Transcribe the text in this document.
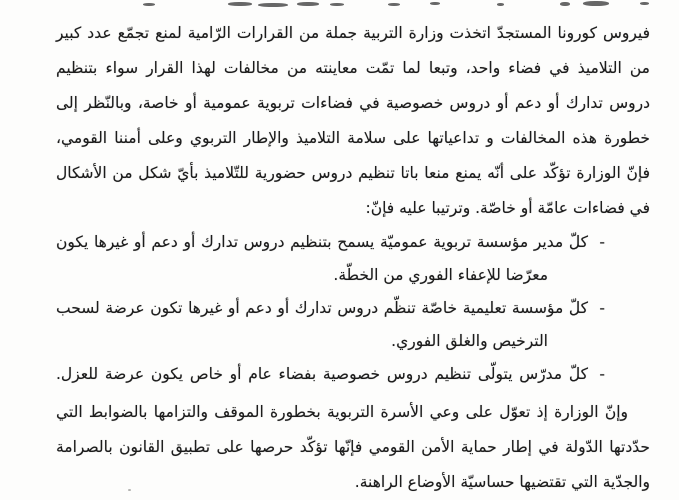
فيروس كورونا المستجدّ اتخذت وزارة التربية جملة من القرارات الرّامية لمنع تجمّع عدد كبير
من التلاميذ في فضاء واحد، وتبعا لما تمّت معاينته من مخالفات لهذا القرار سواء بتنظيم
دروس تدارك أو دعم أو دروس خصوصية في فضاءات تربوية عمومية أو خاصة، وبالنّظر إلى
خطورة هذه المخالفات و تداعياتها على سلامة التلاميذ والإطار التربوي وعلى أمننا القومي،
فإنّ الوزارة تؤكّد على أنّه يمنع منعا باتا تنظيم دروس حضورية للتّلاميذ بأيّ شكل من الأشكال
في فضاءات عامّة أو خاصّة. وترتيبا عليه فإنّ:
-
كلّ مدير مؤسسة تربوية عموميّة يسمح بتنظيم دروس تدارك أو دعم أو غيرها يكون
معرّضا للإعفاء الفوري من الخطّة.
-
كلّ مؤسسة تعليمية خاصّة تنظّم دروس تدارك أو دعم أو غيرها تكون عرضة لسحب
الترخيص والغلق الفوري.
-
كلّ مدرّس يتولّى تنظيم دروس خصوصية بفضاء عام أو خاص يكون عرضة للعزل.
وإنّ الوزارة إذ تعوّل على وعي الأسرة التربوية بخطورة الموقف والتزامها بالضوابط التي
حدّدتها الدّولة في إطار حماية الأمن القومي فإنّها تؤكّد حرصها على تطبيق القانون بالصرامة
والجدّية التي تقتضيها حساسيّة الأوضاع الراهنة.
